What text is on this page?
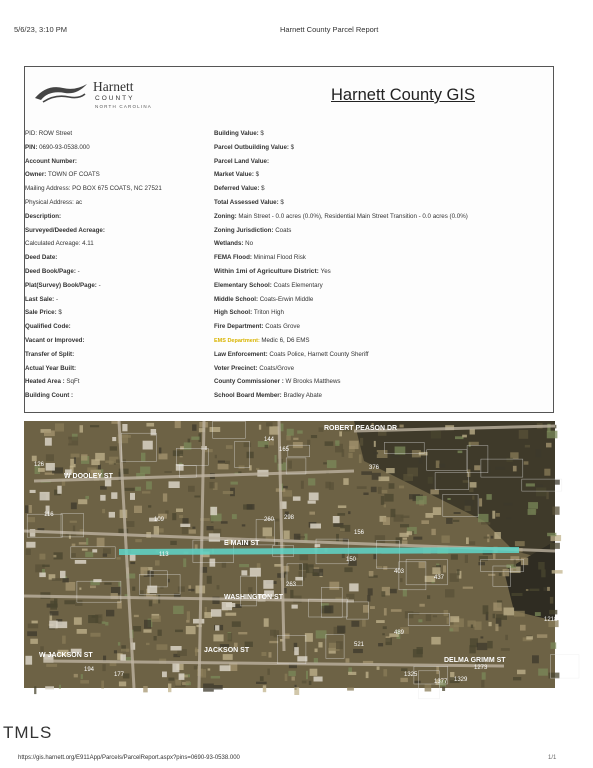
5/6/23, 3:10 PM	Harnett County Parcel Report
Harnett
COUNTY
NORTH CAROLINA
Harnett County GIS
PID: ROW Street
PIN: 0690-93-0538.000
Account Number:
Owner: TOWN OF COATS
Mailing Address: PO BOX 675 COATS, NC 27521
Physical Address: ac
Description:
Surveyed/Deeded Acreage:
Calculated Acreage: 4.11
Deed Date:
Deed Book/Page: -
Plat(Survey) Book/Page: -
Last Sale: -
Sale Price: $
Qualified Code:
Vacant or Improved:
Transfer of Split:
Actual Year Built:
Heated Area : SqFt
Building Count :
Building Value: $
Parcel Outbuilding Value: $
Parcel Land Value:
Market Value: $
Deferred Value: $
Total Assessed Value: $
Zoning: Main Street - 0.0 acres (0.0%), Residential Main Street Transition - 0.0 acres (0.0%)
Zoning Jurisdiction: Coats
Wetlands: No
FEMA Flood: Minimal Flood Risk
Within 1mi of Agriculture District: Yes
Elementary School: Coats Elementary
Middle School: Coats-Erwin Middle
High School: Triton High
Fire Department: Coats Grove
EMS Department: Medic 6, D6 EMS
Law Enforcement: Coats Police, Harnett County Sheriff
Voter Precinct: Coats/Grove
County Commissioner : W Brooks Matthews
School Board Member: Bradley Abate
ROBERT PEASON DR
W DOOLEY ST
E MAIN ST
WASHINGTON ST
W JACKSON ST
JACKSON ST
DELMA GRIMM ST
126
144
165
116
156
376
260 298
109
113
150
437
403
263
489
521
1218
1273
1329
1377
1325
177
194
TMLS
https://gis.harnett.org/E911App/Parcels/ParcelReport.aspx?pins=0690-93-0538.000	1/1
